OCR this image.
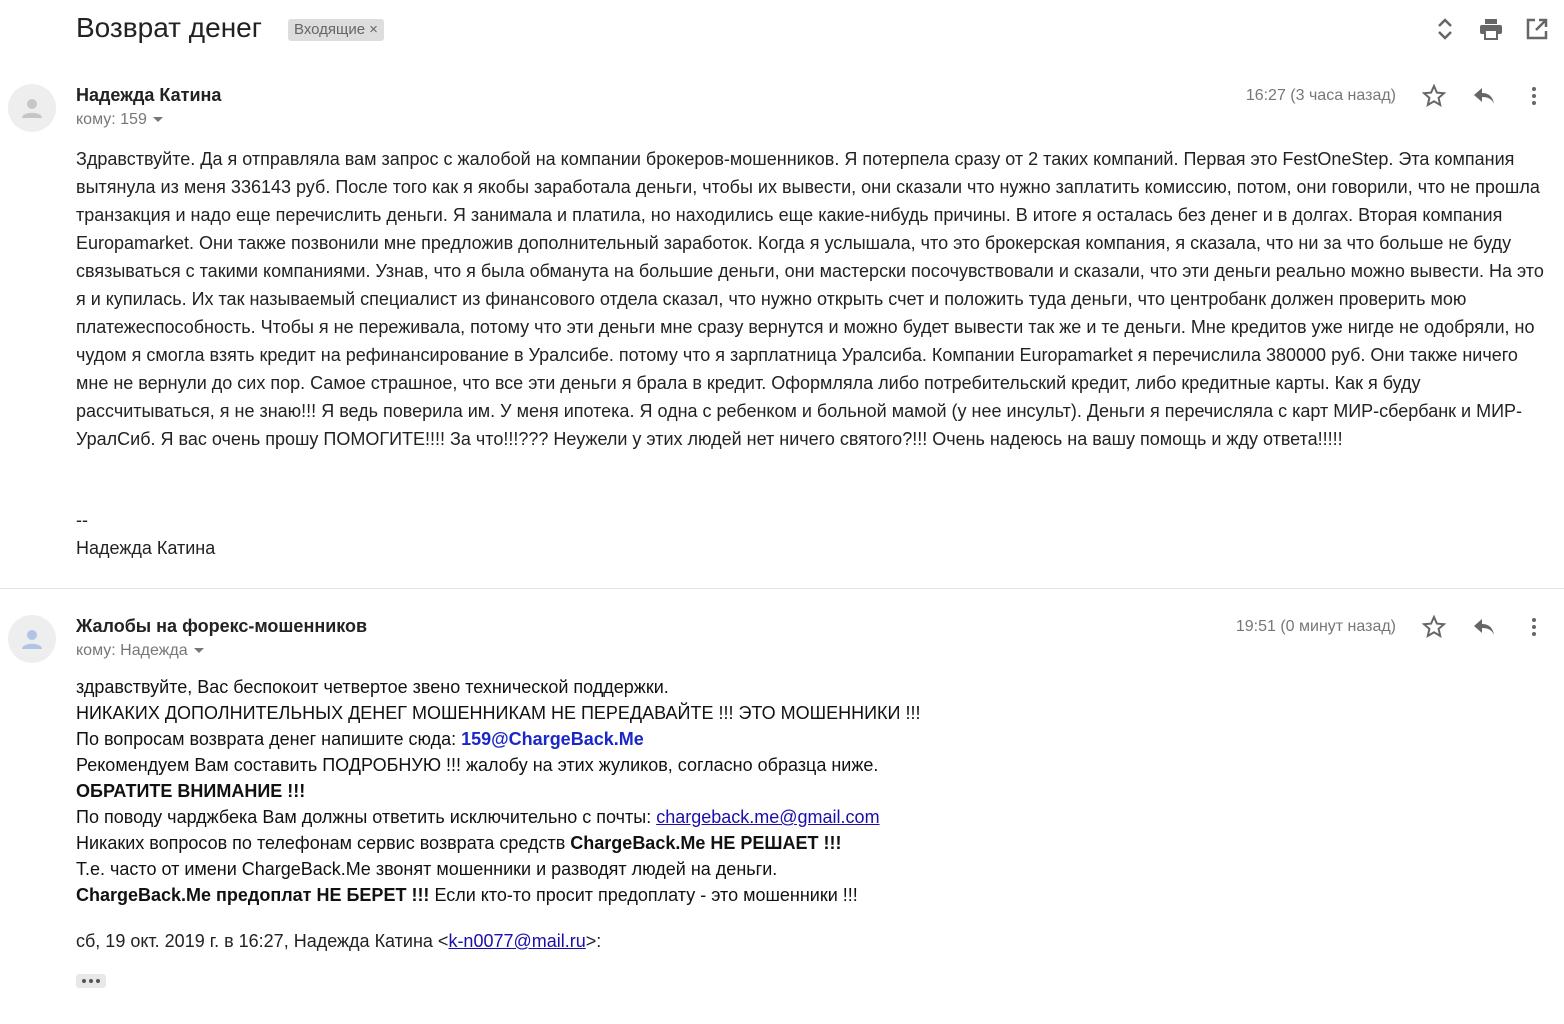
Возврат денег	Входящие ×
Надежда Катина
кому: 159
16:27 (3 часа назад)

Здравствуйте. Да я отправляла вам запрос с жалобой на компании брокеров-мошенников. Я потерпела сразу от 2 таких компаний. Первая это FestOneStep. Эта компания вытянула из меня 336143 руб. После того как я якобы заработала деньги, чтобы их вывести, они сказали что нужно заплатить комиссию, потом, они говорили, что не прошла транзакция и надо еще перечислить деньги. Я занимала и платила, но находились еще какие-нибудь причины. В итоге я осталась без денег и в долгах. Вторая компания Europamarket. Они также позвонили мне предложив дополнительный заработок. Когда я услышала, что это брокерская компания, я сказала, что ни за что больше не буду связываться с такими компаниями. Узнав, что я была обманута на большие деньги, они мастерски посочувствовали и сказали, что эти деньги реально можно вывести. На это я и купилась. Их так называемый специалист из финансового отдела сказал, что нужно открыть счет и положить туда деньги, что центробанк должен проверить мою платежеспособность. Чтобы я не переживала, потому что эти деньги мне сразу вернутся и можно будет вывести так же и те деньги. Мне кредитов уже нигде не одобряли, но чудом я смогла взять кредит на рефинансирование в Уралсибе. потому что я зарплатница Уралсиба. Компании Europamarket я перечислила 380000 руб. Они также ничего мне не вернули до сих пор. Самое страшное, что все эти деньги я брала в кредит. Оформляла либо потребительский кредит, либо кредитные карты. Как я буду рассчитываться, я не знаю!!! Я ведь поверила им. У меня ипотека. Я одна с ребенком и больной мамой (у нее инсульт). Деньги я перечисляла с карт МИР-сбербанк и МИР- УралСиб. Я вас очень прошу ПОМОГИТЕ!!!! За что!!!??? Неужели у этих людей нет ничего святого?!!! Очень надеюсь на вашу помощь и жду ответа!!!!!

--
Надежда Катина
Жалобы на форекс-мошенников
кому: Надежда
19:51 (0 минут назад)
здравствуйте, Вас беспокоит четвертое звено технической поддержки.
НИКАКИХ ДОПОЛНИТЕЛЬНЫХ ДЕНЕГ МОШЕННИКАМ НЕ ПЕРЕДАВАЙТЕ !!! ЭТО МОШЕННИКИ !!!
По вопросам возврата денег напишите сюда: 159@ChargeBack.Me
Рекомендуем Вам составить ПОДРОБНУЮ !!! жалобу на этих жуликов, согласно образца ниже.
ОБРАТИТЕ ВНИМАНИЕ !!!
По поводу чарджбека Вам должны ответить исключительно с почты: chargeback.me@gmail.com
Никаких вопросов по телефонам сервис возврата средств ChargeBack.Me НЕ РЕШАЕТ !!!
Т.е. часто от имени ChargeBack.Me звонят мошенники и разводят людей на деньги.
ChargeBack.Me предоплат НЕ БЕРЕТ !!! Если кто-то просит предоплату - это мошенники !!!
сб, 19 окт. 2019 г. в 16:27, Надежда Катина <k-n0077@mail.ru>:
